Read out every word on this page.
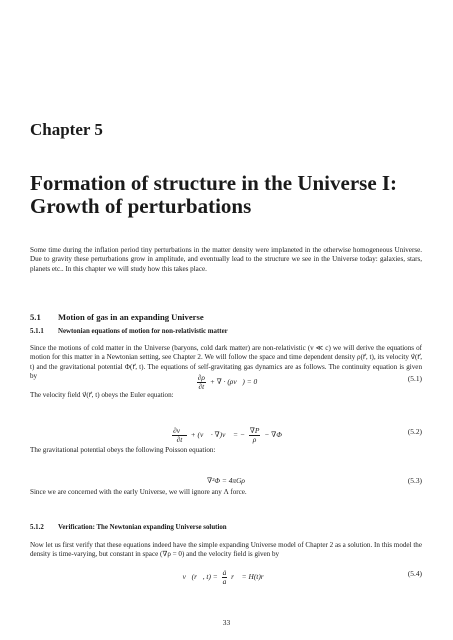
Chapter 5
Formation of structure in the Universe I: Growth of perturbations
Some time during the inflation period tiny perturbations in the matter density were implaneted in the otherwise homogeneous Universe. Due to gravity these perturbations grow in amplitude, and eventually lead to the structure we see in the Universe today: galaxies, stars, planets etc.. In this chapter we will study how this takes place.
5.1 Motion of gas in an expanding Universe
5.1.1 Newtonian equations of motion for non-relativistic matter
Since the motions of cold matter in the Universe (baryons, cold dark matter) are non-relativistic (v ≪ c) we will derive the equations of motion for this matter in a Newtonian setting, see Chapter 2. We will follow the space and time dependent density ρ(r⃗, t), its velocity v⃗(r⃗, t) and the gravitational potential Φ(r⃗, t). The equations of self-gravitating gas dynamics are as follows. The continuity equation is given by	$\frac{\partial\rho}{\partial t}$ + ∇ · (ρv⃗) = 0	(5.1)
The velocity field v⃗(r⃗, t) obeys the Euler equation:
$\frac{\partial v⃗}{\partial t}$ + (v⃗ · ∇)v⃗ = − $\frac{\nabla P}{\rho} - \nabla\Phi$	(5.2)
The gravitational potential obeys the following Poisson equation:
∇²Φ = 4πGρ	(5.3)
Since we are concerned with the early Universe, we will ignore any Λ force.
5.1.2 Verification: The Newtonian expanding Universe solution
Now let us first verify that these equations indeed have the simple expanding Universe model of Chapter 2 as a solution. In this model the density is time-varying, but constant in space (∇ρ = 0) and the velocity field is given by
v⃗(r⃗, $t) = \frac{ȧ}{a}$ r⃗ = H(t)r⃗	(5.4)
33
